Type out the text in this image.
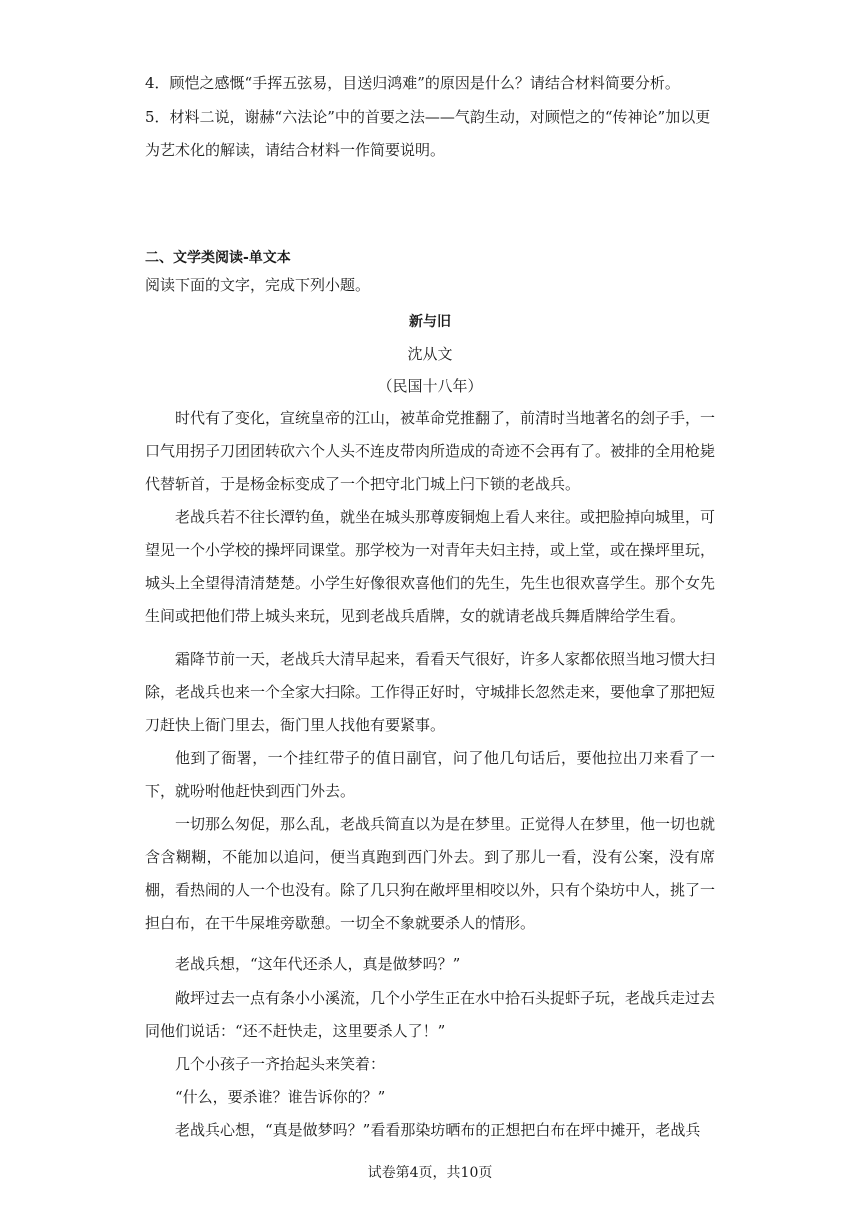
4．顾恺之感慨“手挥五弦易，目送归鸿难”的原因是什么？请结合材料简要分析。

5．材料二说，谢赫“六法论”中的首要之法——气韵生动，对顾恺之的“传神论”加以更为艺术化的解读，请结合材料一作简要说明。

二、文学类阅读-单文本
阅读下面的文字，完成下列小题。
新与旧
沈从文
（民国十八年）

时代有了变化，宣统皇帝的江山，被革命党推翻了，前清时当地著名的刽子手，一口气用拐子刀团团转砍六个人头不连皮带肉所造成的奇迹不会再有了。被排的全用枪毙代替斩首，于是杨金标变成了一个把守北门城上闩下锁的老战兵。

老战兵若不往长潭钓鱼，就坐在城头那尊废铜炮上看人来往。或把脸掉向城里，可望见一个小学校的操坪同课堂。那学校为一对青年夫妇主持，或上堂，或在操坪里玩，城头上全望得清清楚楚。小学生好像很欢喜他们的先生，先生也很欢喜学生。那个女先生间或把他们带上城头来玩，见到老战兵盾牌，女的就请老战兵舞盾牌给学生看。

霜降节前一天，老战兵大清早起来，看看天气很好，许多人家都依照当地习惯大扫除，老战兵也来一个全家大扫除。工作得正好时，守城排长忽然走来，要他拿了那把短刀赶快上衙门里去，衙门里人找他有要紧事。

他到了衙署，一个挂红带子的值日副官，问了他几句话后，要他拉出刀来看了一下，就吩咐他赶快到西门外去。

一切那么匆促，那么乱，老战兵简直以为是在梦里。正觉得人在梦里，他一切也就含含糊糊，不能加以追问，便当真跑到西门外去。到了那儿一看，没有公案，没有席棚，看热闹的人一个也没有。除了几只狗在敞坪里相咬以外，只有个染坊中人，挑了一担白布，在干牛屎堆旁歇憩。一切全不象就要杀人的情形。

老战兵想，“这年代还杀人，真是做梦吗？”

敞坪过去一点有条小小溪流，几个小学生正在水中拾石头捉虾子玩，老战兵走过去同他们说话：“还不赶快走，这里要杀人了！”

几个小孩子一齐抬起头来笑着：

“什么，要杀谁？谁告诉你的？”

老战兵心想，“真是做梦吗？”看看那染坊晒布的正想把白布在坪中摊开，老战兵

试卷第4页，共10页
